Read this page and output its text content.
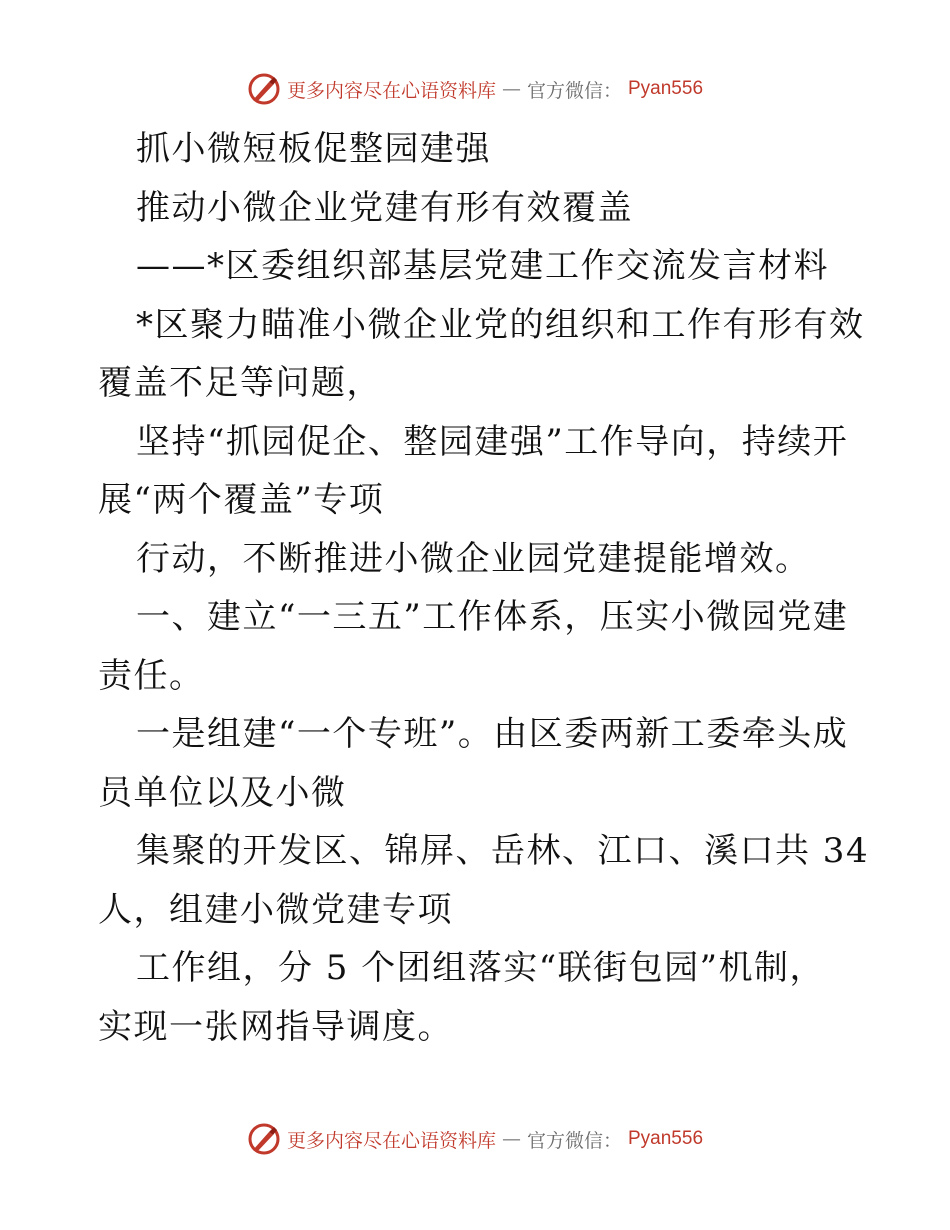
更多内容尽在心语资料库 — 官方微信： Pyan556
抓小微短板促整园建强
推动小微企业党建有形有效覆盖
——*区委组织部基层党建工作交流发言材料
*区聚力瞄准小微企业党的组织和工作有形有效
覆盖不足等问题，
坚持“抓园促企、整园建强”工作导向，持续开
展“两个覆盖”专项
行动，不断推进小微企业园党建提能增效。
一、建立“一三五”工作体系，压实小微园党建
责任。
一是组建“一个专班”。由区委两新工委牵头成
员单位以及小微
集聚的开发区、锦屏、岳林、江口、溪口共 34
人，组建小微党建专项
工作组，分 5 个团组落实“联街包园”机制，
实现一张网指导调度。
更多内容尽在心语资料库 — 官方微信： Pyan556
